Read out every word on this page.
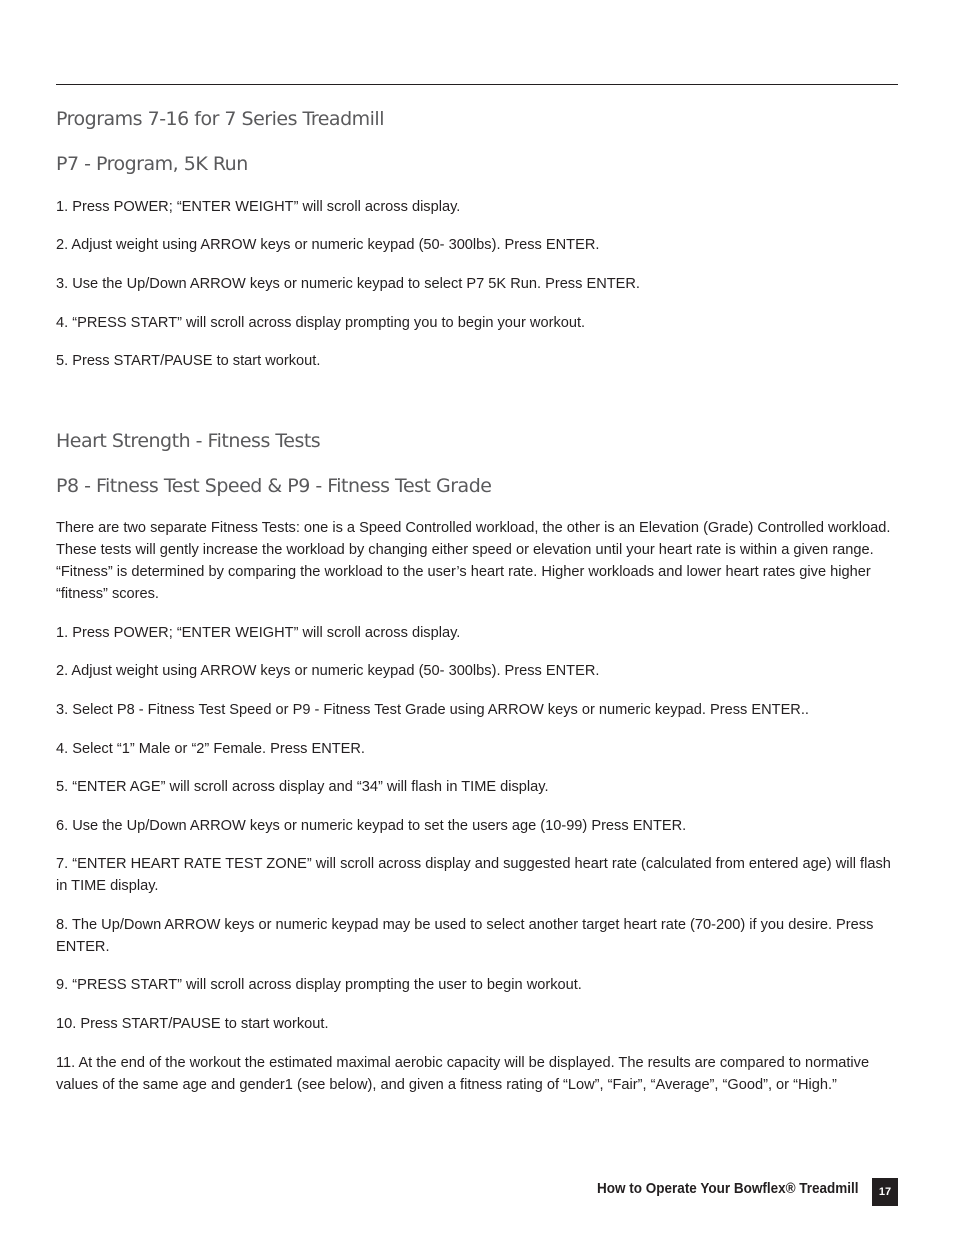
Programs 7-16 for 7 Series Treadmill
P7 - Program, 5K Run

1. Press POWER; “ENTER WEIGHT” will scroll across display.

2. Adjust weight using ARROW keys or numeric keypad (50- 300lbs). Press ENTER.

3. Use the Up/Down ARROW keys or numeric keypad to select P7 5K Run. Press ENTER.

4. “PRESS START” will scroll across display prompting you to begin your workout.

5. Press START/PAUSE to start workout.

Heart Strength - Fitness Tests
P8 - Fitness Test Speed & P9 - Fitness Test Grade

There are two separate Fitness Tests: one is a Speed Controlled workload, the other is an Elevation (Grade) Controlled workload. These tests will gently increase the workload by changing either speed or elevation until your heart rate is within a given range. “Fitness” is determined by comparing the workload to the user’s heart rate. Higher workloads and lower heart rates give higher “fitness” scores.

1. Press POWER; “ENTER WEIGHT” will scroll across display.

2. Adjust weight using ARROW keys or numeric keypad (50- 300lbs). Press ENTER.

3. Select P8 - Fitness Test Speed or P9 - Fitness Test Grade using ARROW keys or numeric keypad. Press ENTER..

4. Select “1” Male or “2” Female. Press ENTER.

5. “ENTER AGE” will scroll across display and “34” will flash in TIME display.

6. Use the Up/Down ARROW keys or numeric keypad to set the users age (10-99) Press ENTER.

7. “ENTER HEART RATE TEST ZONE” will scroll across display and suggested heart rate (calculated from entered age) will flash in TIME display.

8. The Up/Down ARROW keys or numeric keypad may be used to select another target heart rate (70-200) if you desire. Press ENTER.

9. “PRESS START” will scroll across display prompting the user to begin workout.

10. Press START/PAUSE to start workout.

11. At the end of the workout the estimated maximal aerobic capacity will be displayed. The results are compared to normative values of the same age and gender1 (see below), and given a fitness rating of “Low”, “Fair”, “Average”, “Good”, or “High.”

How to Operate Your Bowflex® Treadmill	17
